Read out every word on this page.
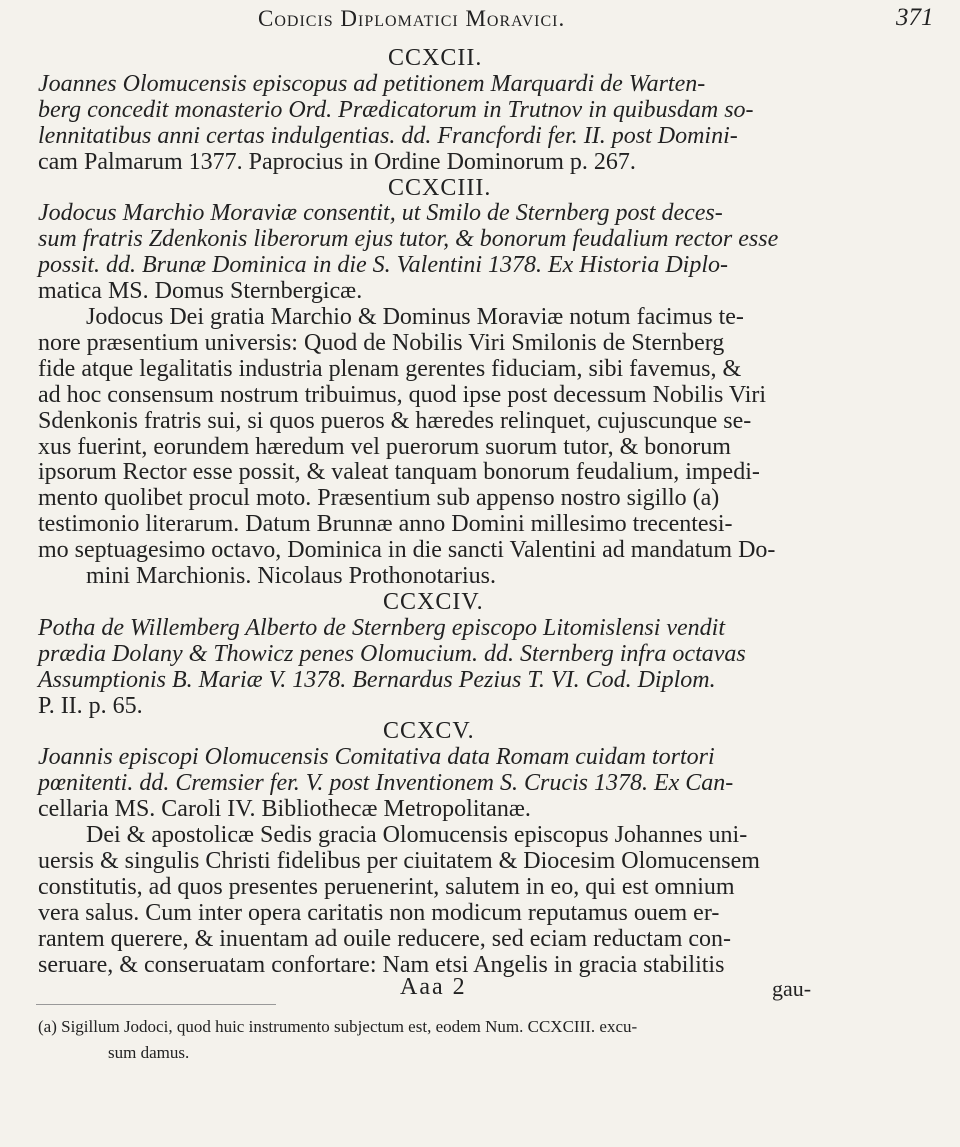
Codicis Diplomatici Moravici.	371
CCXCII.
Joannes Olomucensis episcopus ad petitionem Marquardi de Warten-
berg concedit monasterio Ord. Prædicatorum in Trutnov in quibusdam so-
lennitatibus anni certas indulgentias. dd. Francfordi fer. II. post Domini-
cam Palmarum 1377. Paprocius in Ordine Dominorum p. 267.
CCXCIII.
Jodocus Marchio Moraviæ consentit, ut Smilo de Sternberg post deces-
sum fratris Zdenkonis liberorum ejus tutor, & bonorum feudalium rector esse
possit. dd. Brunæ Dominica in die S. Valentini 1378. Ex Historia Diplo-
matica MS. Domus Sternbergicæ.
Jodocus Dei gratia Marchio & Dominus Moraviæ notum facimus te-
nore præsentium universis: Quod de Nobilis Viri Smilonis de Sternberg
fide atque legalitatis industria plenam gerentes fiduciam, sibi favemus, &
ad hoc consensum nostrum tribuimus, quod ipse post decessum Nobilis Viri
Sdenkonis fratris sui, si quos pueros & hæredes relinquet, cujuscunque se-
xus fuerint, eorundem hæredum vel puerorum suorum tutor, & bonorum
ipsorum Rector esse possit, & valeat tanquam bonorum feudalium, impedi-
mento quolibet procul moto. Præsentium sub appenso nostro sigillo (a)
testimonio literarum. Datum Brunnæ anno Domini millesimo trecentesi-
mo septuagesimo octavo, Dominica in die sancti Valentini ad mandatum Do-
mini Marchionis. Nicolaus Prothonotarius.
CCXCIV.
Potha de Willemberg Alberto de Sternberg episcopo Litomislensi vendit
prædia Dolany & Thowicz penes Olomucium. dd. Sternberg infra octavas
Assumptionis B. Mariæ V. 1378. Bernardus Pezius T. VI. Cod. Diplom.
P. II. p. 65.
CCXCV.
Joannis episcopi Olomucensis Comitativa data Romam cuidam tortori
pœnitenti. dd. Cremsier fer. V. post Inventionem S. Crucis 1378. Ex Can-
cellaria MS. Caroli IV. Bibliothecæ Metropolitanæ.
Dei & apostolicæ Sedis gracia Olomucensis episcopus Johannes uni-
uersis & singulis Christi fidelibus per ciuitatem & Diocesim Olomucensem
constitutis, ad quos presentes peruenerint, salutem in eo, qui est omnium
vera salus. Cum inter opera caritatis non modicum reputamus ouem er-
rantem querere, & inuentam ad ouile reducere, sed eciam reductam con-
seruare, & conseruatam confortare: Nam etsi Angelis in gracia stabilitis
Aaa 2	gau-
(a) Sigillum Jodoci, quod huic instrumento subjectum est, eodem Num. CCXCIII. excu-
sum damus.
